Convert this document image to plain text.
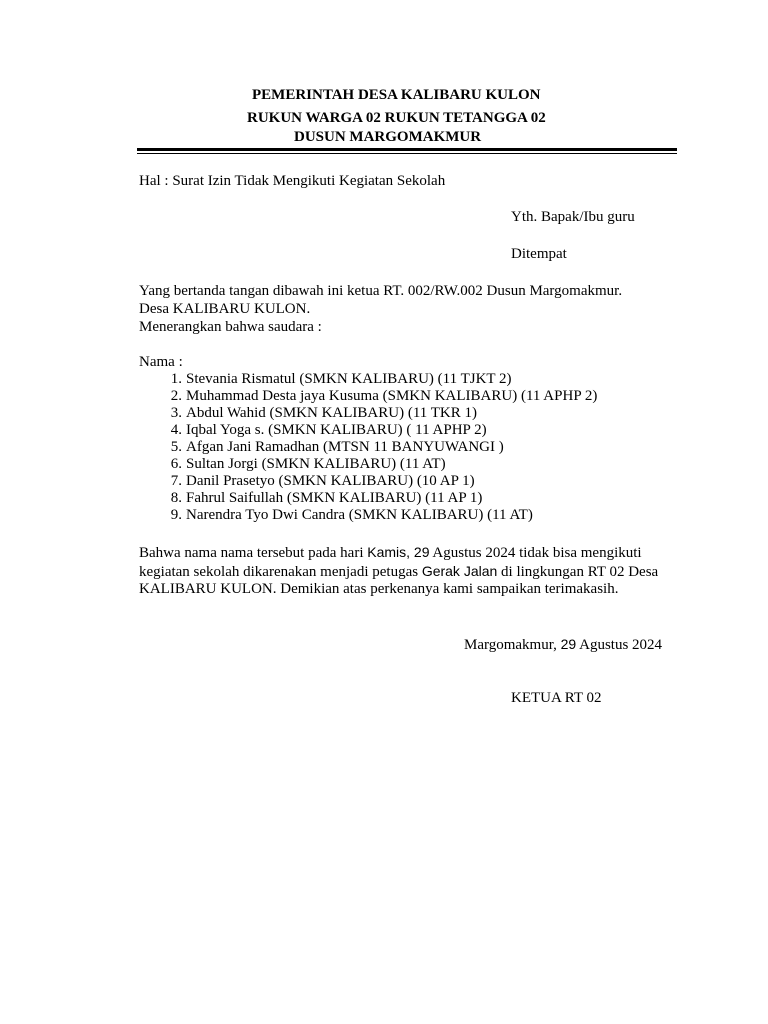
PEMERINTAH DESA KALIBARU KULON
RUKUN WARGA 02 RUKUN TETANGGA 02
DUSUN MARGOMAKMUR
Hal : Surat Izin Tidak Mengikuti Kegiatan Sekolah
Yth. Bapak/Ibu guru
Ditempat
Yang bertanda tangan dibawah ini ketua RT. 002/RW.002 Dusun Margomakmur.
Desa KALIBARU KULON.
Menerangkan bahwa saudara :
Nama :
1. Stevania Rismatul (SMKN KALIBARU) (11 TJKT 2)
2. Muhammad Desta jaya Kusuma (SMKN KALIBARU) (11 APHP 2)
3. Abdul Wahid (SMKN KALIBARU) (11 TKR 1)
4. Iqbal Yoga s. (SMKN KALIBARU) ( 11 APHP 2)
5. Afgan Jani Ramadhan (MTSN 11 BANYUWANGI )
6. Sultan Jorgi (SMKN KALIBARU) (11 AT)
7. Danil Prasetyo (SMKN KALIBARU) (10 AP 1)
8. Fahrul Saifullah (SMKN KALIBARU) (11 AP 1)
9. Narendra Tyo Dwi Candra (SMKN KALIBARU) (11 AT)
Bahwa nama nama tersebut pada hari Kamis, 29 Agustus 2024 tidak bisa mengikuti
kegiatan sekolah dikarenakan menjadi petugas Gerak Jalan di lingkungan RT 02 Desa
KALIBARU KULON. Demikian atas perkenanya kami sampaikan terimakasih.
Margomakmur, 29 Agustus 2024
KETUA RT 02
